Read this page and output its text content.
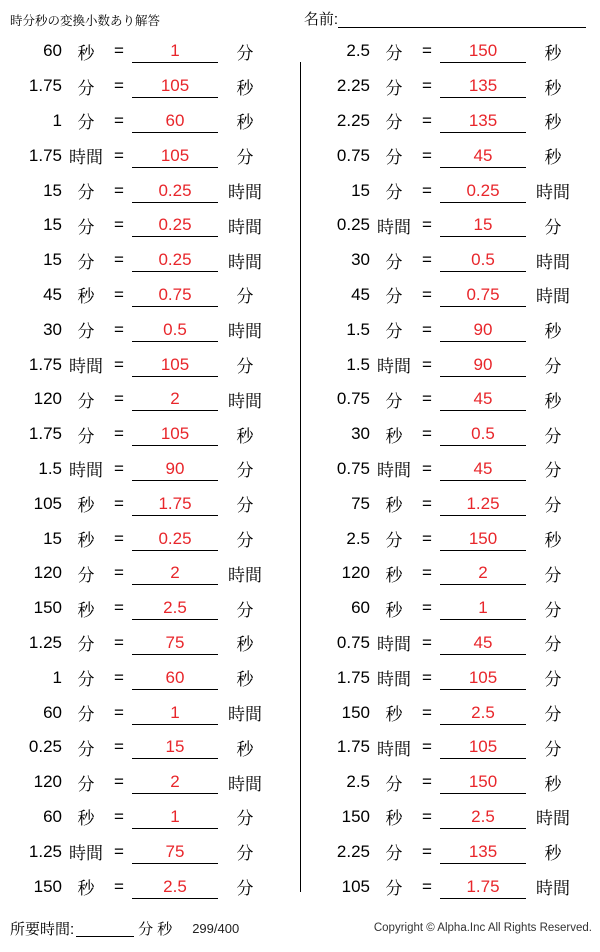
時分秒の変換小数あり解答	名前:
60 秒	=	1	分
1.75 分	=	105	秒
1 分	=	60	秒
1.75 時間 =	105	分
15 分	=	0.25	時間
15 分	=	0.25	時間
15 分	=	0.25	時間
45 秒	=	0.75	分
30 分	=	0.5	時間
1.75 時間 =	105	分
120 分	=	2	時間
1.75 分	=	105	秒
1.5 時間 =	90	分
105 秒	=	1.75	分
15 秒	=	0.25	分
120 分	=	2	時間
150 秒	=	2.5	分
1.25 分	=	75	秒
1 分	=	60	秒
60 分	=	1	時間
0.25 分	=	15	秒
120 分	=	2	時間
60 秒	=	1	分
1.25 時間 =	75	分
150 秒	=	2.5	分
2.5 分	=	150	秒
2.25 分	=	135	秒
2.25 分	=	135	秒
0.75 分	=	45	秒
15 分	=	0.25	時間
0.25 時間 =	15	分
30 分	=	0.5	時間
45 分	=	0.75	時間
1.5 分	=	90	秒
1.5 時間 =	90	分
0.75 分	=	45	秒
30 秒	=	0.5	分
0.75 時間 =	45	分
75 秒	=	1.25	分
2.5 分	=	150	秒
120 秒	=	2	分
60 秒	=	1	分
0.75 時間 =	45	分
1.75 時間 =	105	分
150 秒	=	2.5	分
1.75 時間 =	105	分
2.5 分	=	150	秒
150 秒	=	2.5	時間
2.25 分	=	135	秒
105 分	=	1.75	時間
所要時間:	分 秒 299/400	Copyright © Alpha.Inc All Rights Reserved.
